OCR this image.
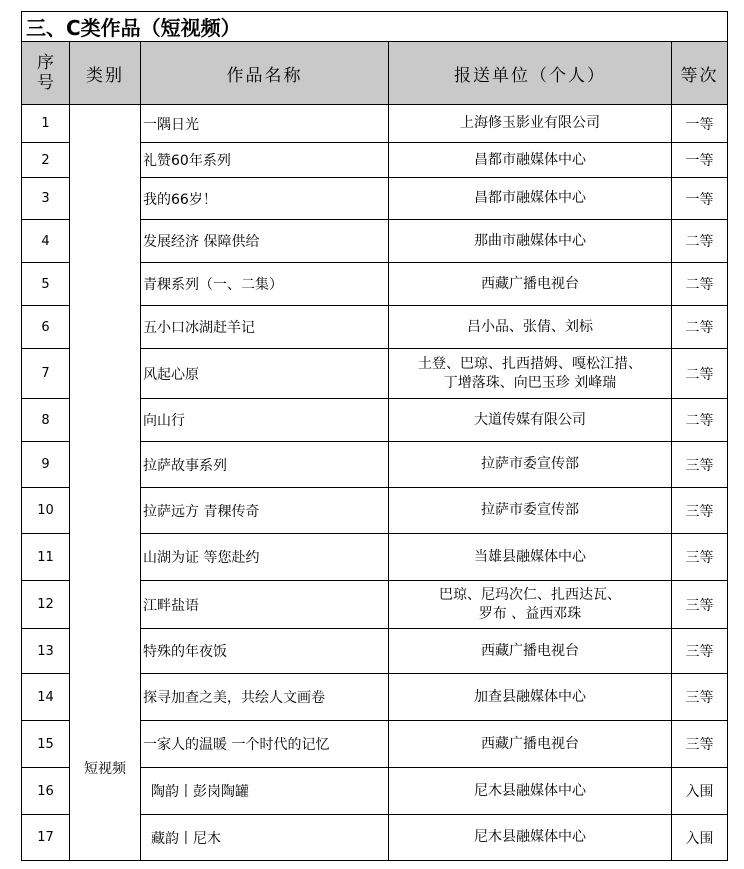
三、C类作品（短视频）				
序
号	类别	作品名称	报送单位（个人）	等次
1	短视频	一隅日光	上海修玉影业有限公司	一等
2		礼赞60年系列	昌都市融媒体中心	一等
3		我的66岁！	昌都市融媒体中心	一等
4		发展经济 保障供给	那曲市融媒体中心	二等
5		青稞系列（一、二集）	西藏广播电视台	二等
6		五小口冰湖赶羊记	吕小品、张倩、刘标	二等
7		风起心原	土登、巴琼、扎西措姆、嘎松江措、
丁增落珠、向巴玉珍 刘峰瑞	二等
8		向山行	大道传媒有限公司	二等
9		拉萨故事系列	拉萨市委宣传部	三等
10		拉萨远方 青稞传奇	拉萨市委宣传部	三等
11		山湖为证 等您赴约	当雄县融媒体中心	三等
12		江畔盐语	巴琼、尼玛次仁、扎西达瓦、
罗布 、益西邓珠	三等
13		特殊的年夜饭	西藏广播电视台	三等
14		探寻加查之美，共绘人文画卷	加查县融媒体中心	三等
15		一家人的温暖 一个时代的记忆	西藏广播电视台	三等
16		陶韵丨彭岗陶罐	尼木县融媒体中心	入围
17		藏韵丨尼木	尼木县融媒体中心	入围
